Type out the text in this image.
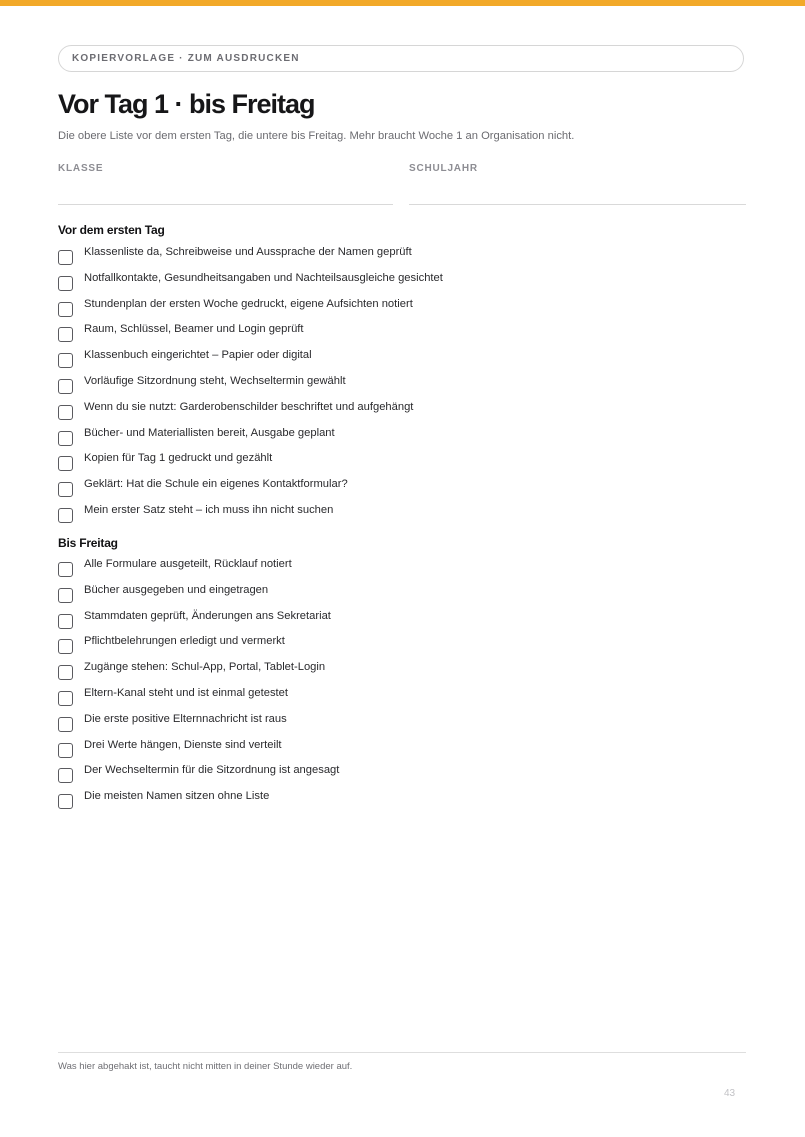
KOPIERVORLAGE · ZUM AUSDRUCKEN
Vor Tag 1 · bis Freitag

Die obere Liste vor dem ersten Tag, die untere bis Freitag. Mehr braucht Woche 1 an Organisation nicht.

KLASSE	SCHULJAHR
Vor dem ersten Tag
Klassenliste da, Schreibweise und Aussprache der Namen geprüft
Notfallkontakte, Gesundheitsangaben und Nachteilsausgleiche gesichtet
Stundenplan der ersten Woche gedruckt, eigene Aufsichten notiert
Raum, Schlüssel, Beamer und Login geprüft
Klassenbuch eingerichtet – Papier oder digital
Vorläufige Sitzordnung steht, Wechseltermin gewählt
Wenn du sie nutzt: Garderobenschilder beschriftet und aufgehängt
Bücher- und Materiallisten bereit, Ausgabe geplant
Kopien für Tag 1 gedruckt und gezählt
Geklärt: Hat die Schule ein eigenes Kontaktformular?
Mein erster Satz steht – ich muss ihn nicht suchen
Bis Freitag
Alle Formulare ausgeteilt, Rücklauf notiert
Bücher ausgegeben und eingetragen
Stammdaten geprüft, Änderungen ans Sekretariat
Pflichtbelehrungen erledigt und vermerkt
Zugänge stehen: Schul-App, Portal, Tablet-Login
Eltern-Kanal steht und ist einmal getestet
Die erste positive Elternnachricht ist raus
Drei Werte hängen, Dienste sind verteilt
Der Wechseltermin für die Sitzordnung ist angesagt
Die meisten Namen sitzen ohne Liste
Was hier abgehakt ist, taucht nicht mitten in deiner Stunde wieder auf.
43
